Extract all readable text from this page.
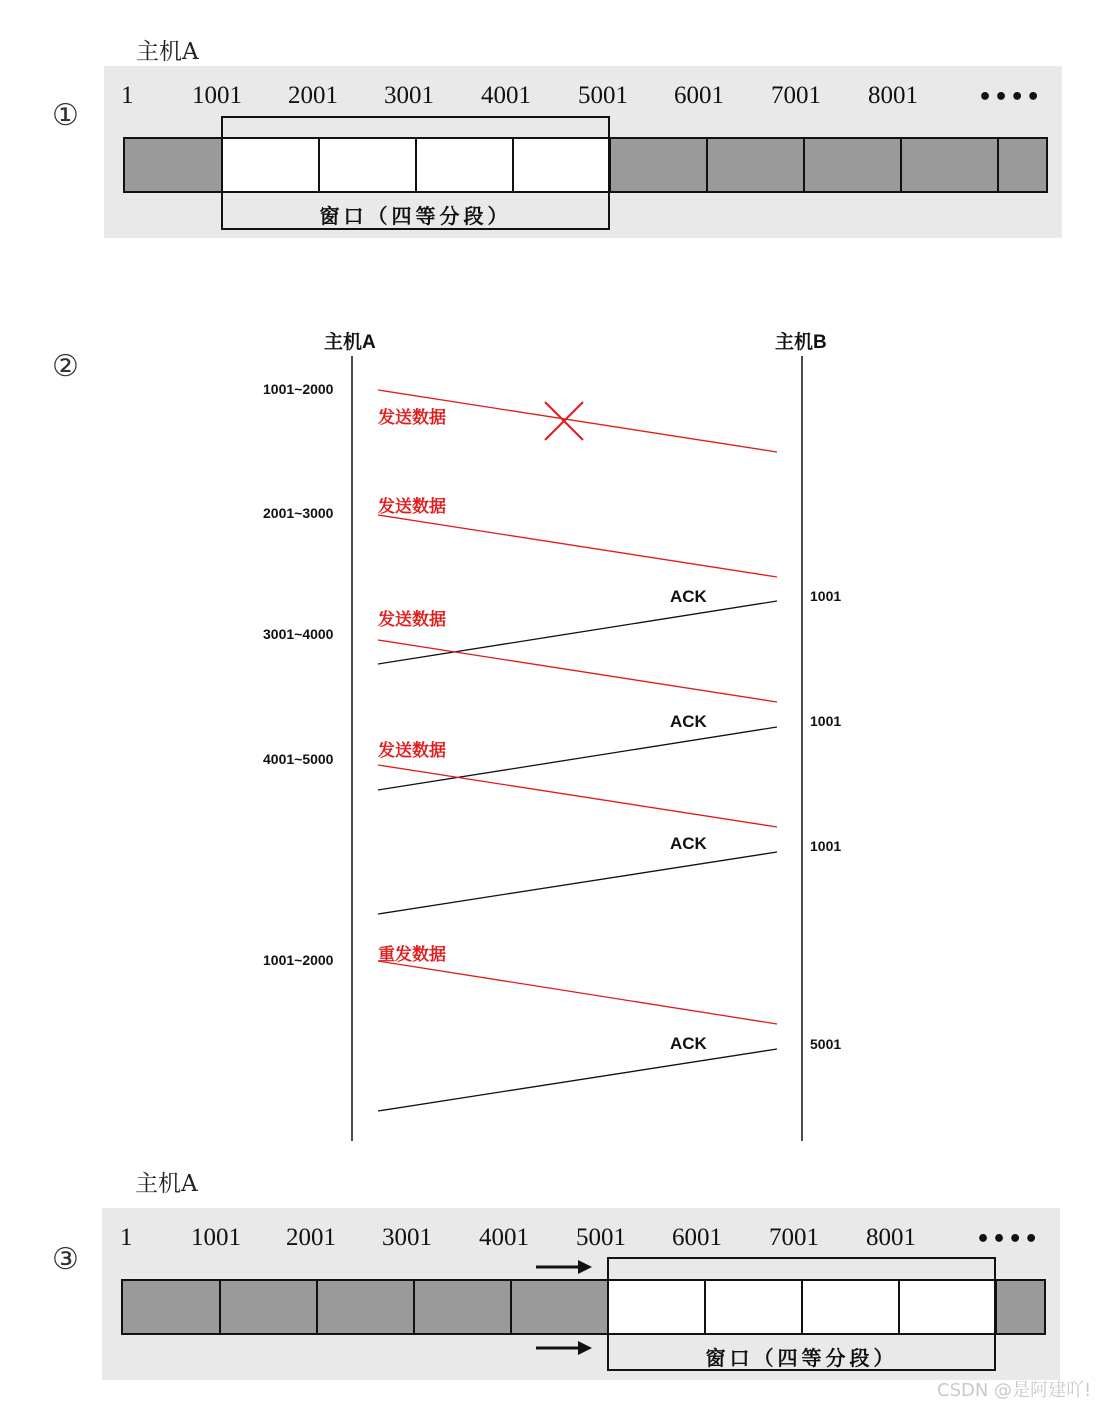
①
主机A
1 1001 2001 3001 4001 5001 6001 7001 8001	••••
窗口（四等分段）
②
主机A	主机B
1001~2000
2001~3000
3001~4000
4001~5000
1001~2000
发送数据
发送数据
发送数据
发送数据
重发数据
ACK
ACK
ACK
ACK
1001
1001
1001
5001
③
主机A
1 1001 2001 3001 4001 5001 6001 7001 8001	••••
窗口（四等分段）
CSDN @是阿建吖!
